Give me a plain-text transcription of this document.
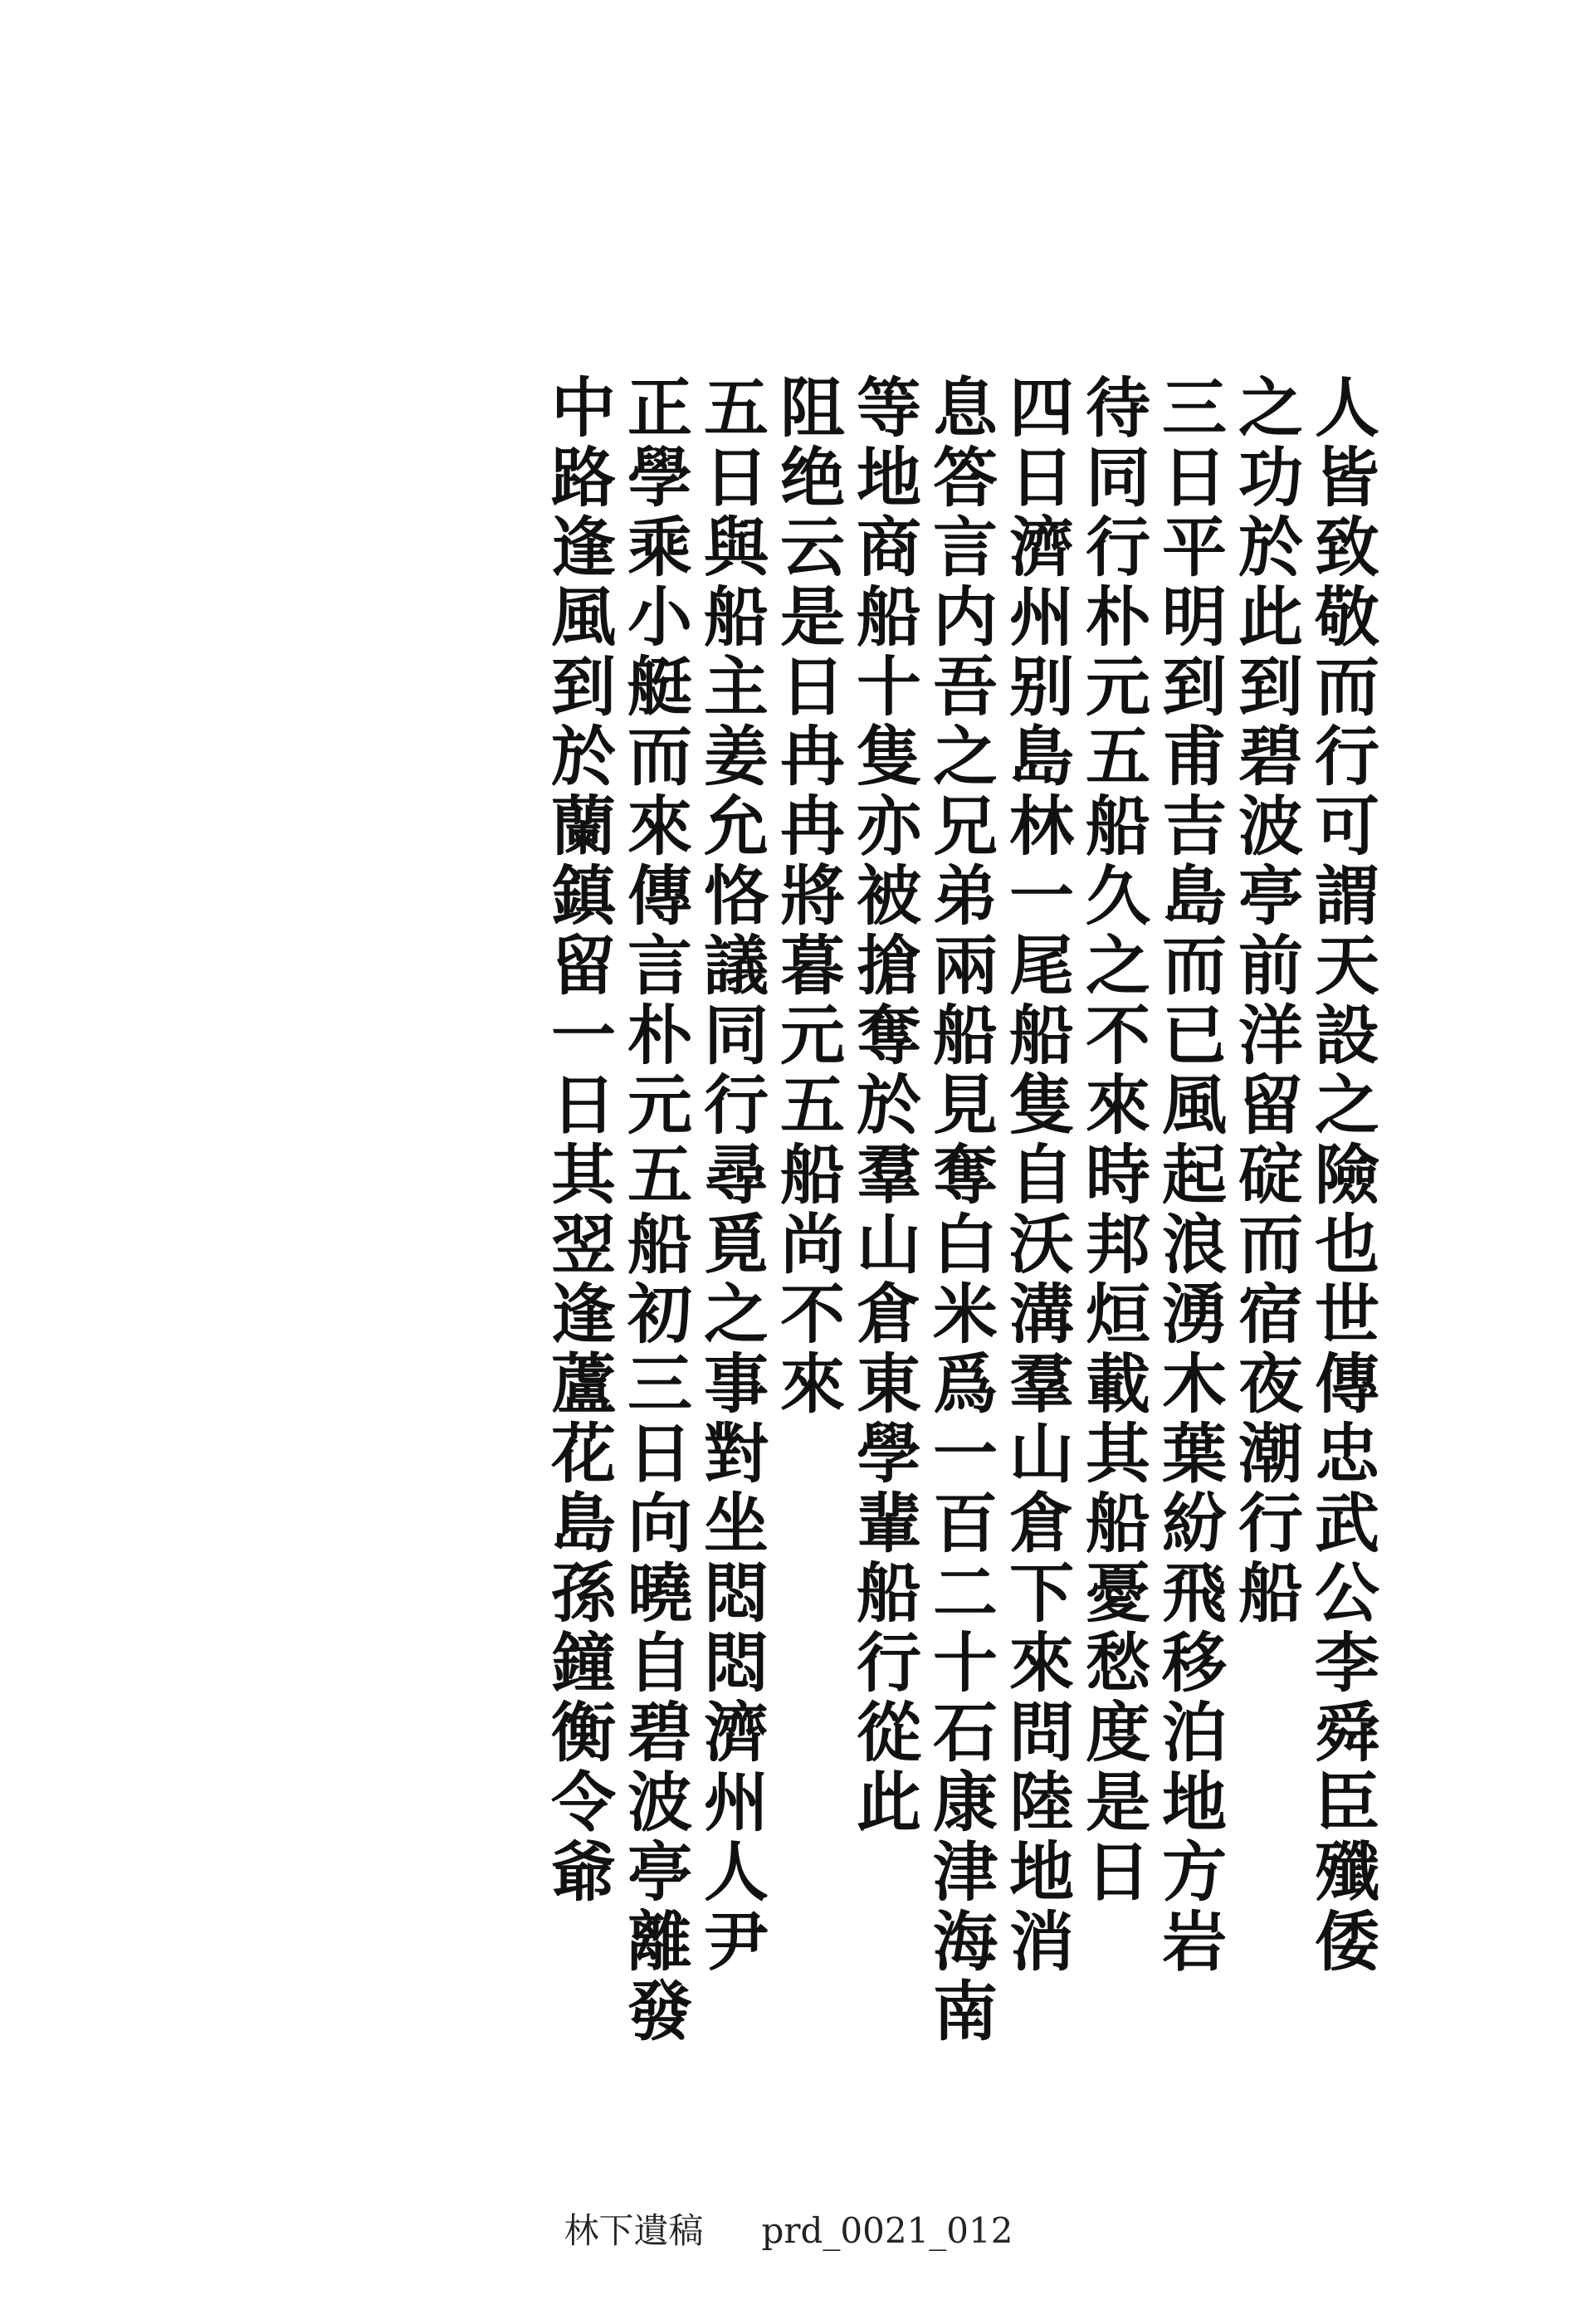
人皆致敬而行可謂天設之險也世傳忠武公李舜臣殲倭
之功於此到碧波亭前洋留碇而宿夜潮行船
三日平明到甫吉島而已風起浪湧木葉紛飛移泊地方岩
待同行朴元五船久之不來時邦烜載其船憂愁度是日
四日濟州别島林一尾船隻自沃溝羣山倉下來問陸地消
息答言内吾之兄弟兩船見奪白米爲一百二十石康津海南
等地商船十隻亦被搶奪於羣山倉東學輩船行從此
阻绝云是日冉冉將暮元五船尚不來
五日與船主姜允恪議同行尋覓之事對坐悶悶濟州人尹
正學乘小艇而來傳言朴元五船初三日向曉自碧波亭離發
中路逢風到於蘭鎮留一日其翌逢蘆花島孫鐘衡令爺
林下遺稿 prd_0021_012
